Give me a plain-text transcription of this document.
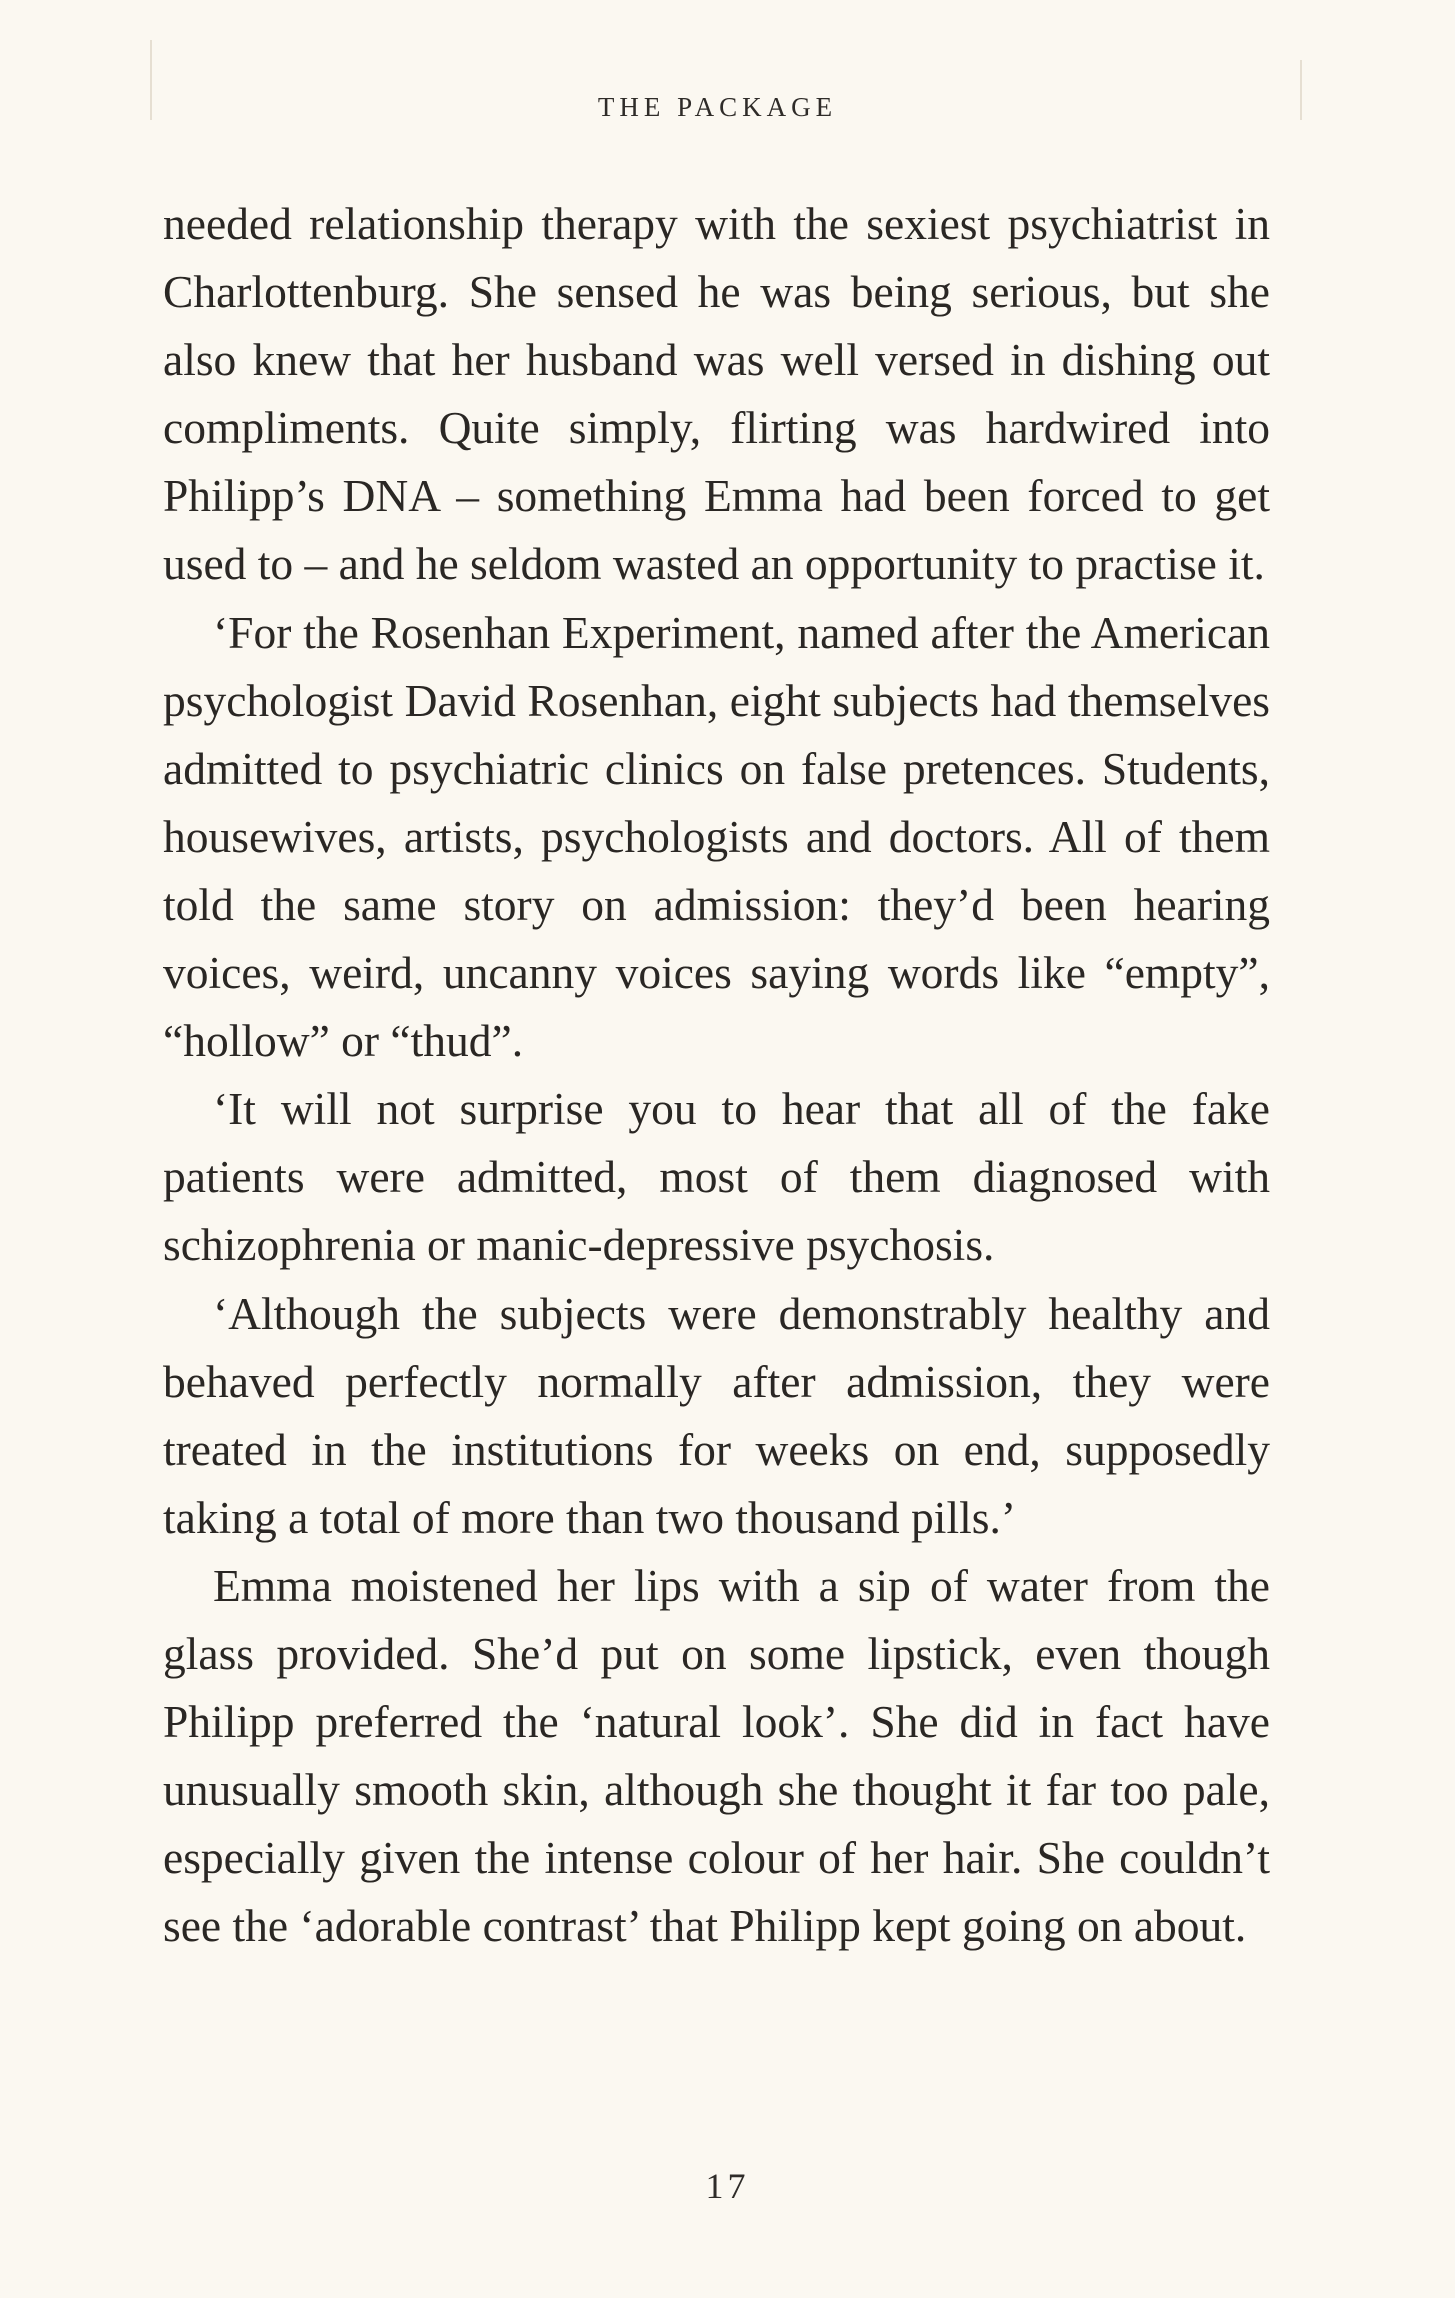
THE PACKAGE

needed relationship therapy with the sexiest psychiatrist in Charlottenburg. She sensed he was being serious, but she also knew that her husband was well versed in dishing out compliments. Quite simply, flirting was hardwired into Philipp’s DNA – something Emma had been forced to get used to – and he seldom wasted an opportunity to practise it.

‘For the Rosenhan Experiment, named after the American psychologist David Rosenhan, eight subjects had themselves admitted to psychiatric clinics on false pretences. Students, housewives, artists, psychologists and doctors. All of them told the same story on admission: they’d been hearing voices, weird, uncanny voices saying words like “empty”, “hollow” or “thud”.

‘It will not surprise you to hear that all of the fake patients were admitted, most of them diagnosed with schizophrenia or manic-depressive psychosis.

‘Although the subjects were demonstrably healthy and behaved perfectly normally after admission, they were treated in the institutions for weeks on end, supposedly taking a total of more than two thousand pills.’

Emma moistened her lips with a sip of water from the glass provided. She’d put on some lipstick, even though Philipp preferred the ‘natural look’. She did in fact have unusually smooth skin, although she thought it far too pale, especially given the intense colour of her hair. She couldn’t see the ‘adorable contrast’ that Philipp kept going on about.

17
